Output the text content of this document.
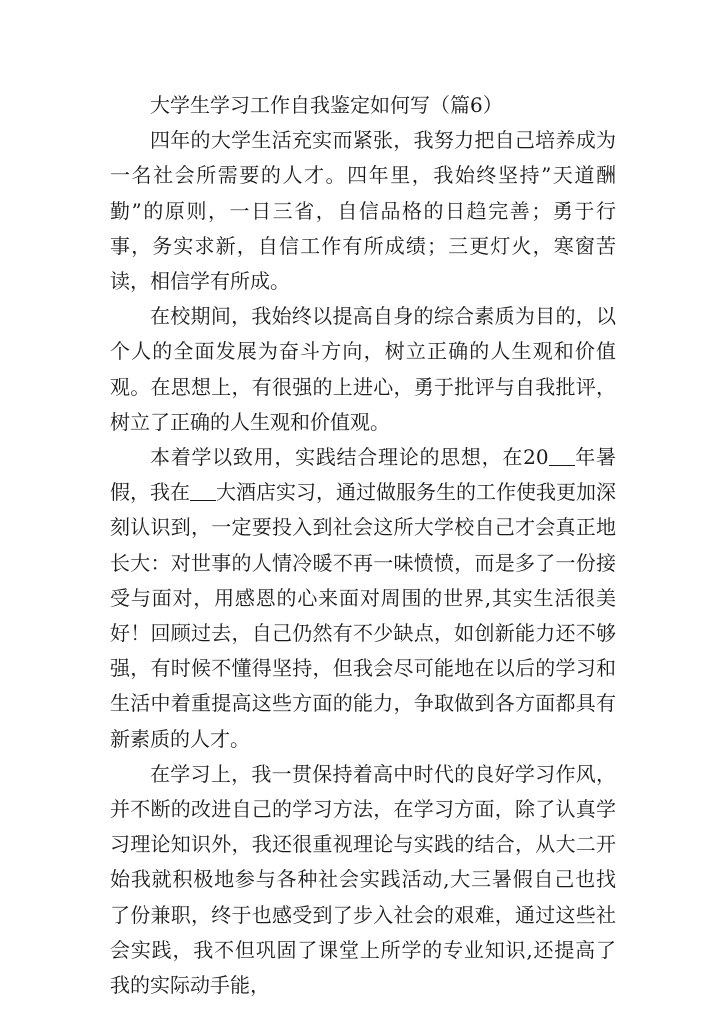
大学生学习工作自我鉴定如何写（篇6）

四年的大学生活充实而紧张，我努力把自己培养成为一名社会所需要的人才。四年里，我始终坚持”天道酬勤”的原则，一日三省，自信品格的日趋完善；勇于行事，务实求新，自信工作有所成绩；三更灯火，寒窗苦读，相信学有所成。

在校期间，我始终以提高自身的综合素质为目的，以个人的全面发展为奋斗方向，树立正确的人生观和价值观。在思想上，有很强的上进心，勇于批评与自我批评，树立了正确的人生观和价值观。

本着学以致用，实践结合理论的思想，在20 年暑假，我在 大酒店实习，通过做服务生的工作使我更加深刻认识到，一定要投入到社会这所大学校自己才会真正地长大：对世事的人情冷暖不再一味愤愤，而是多了一份接受与面对，用感恩的心来面对周围的世界,其实生活很美好！回顾过去，自己仍然有不少缺点，如创新能力还不够强，有时候不懂得坚持，但我会尽可能地在以后的学习和生活中着重提高这些方面的能力，争取做到各方面都具有新素质的人才。

在学习上，我一贯保持着高中时代的良好学习作风，并不断的改进自己的学习方法，在学习方面，除了认真学习理论知识外，我还很重视理论与实践的结合，从大二开始我就积极地参与各种社会实践活动,大三暑假自己也找了份兼职，终于也感受到了步入社会的艰难，通过这些社会实践，我不但巩固了课堂上所学的专业知识,还提高了我的实际动手能，
